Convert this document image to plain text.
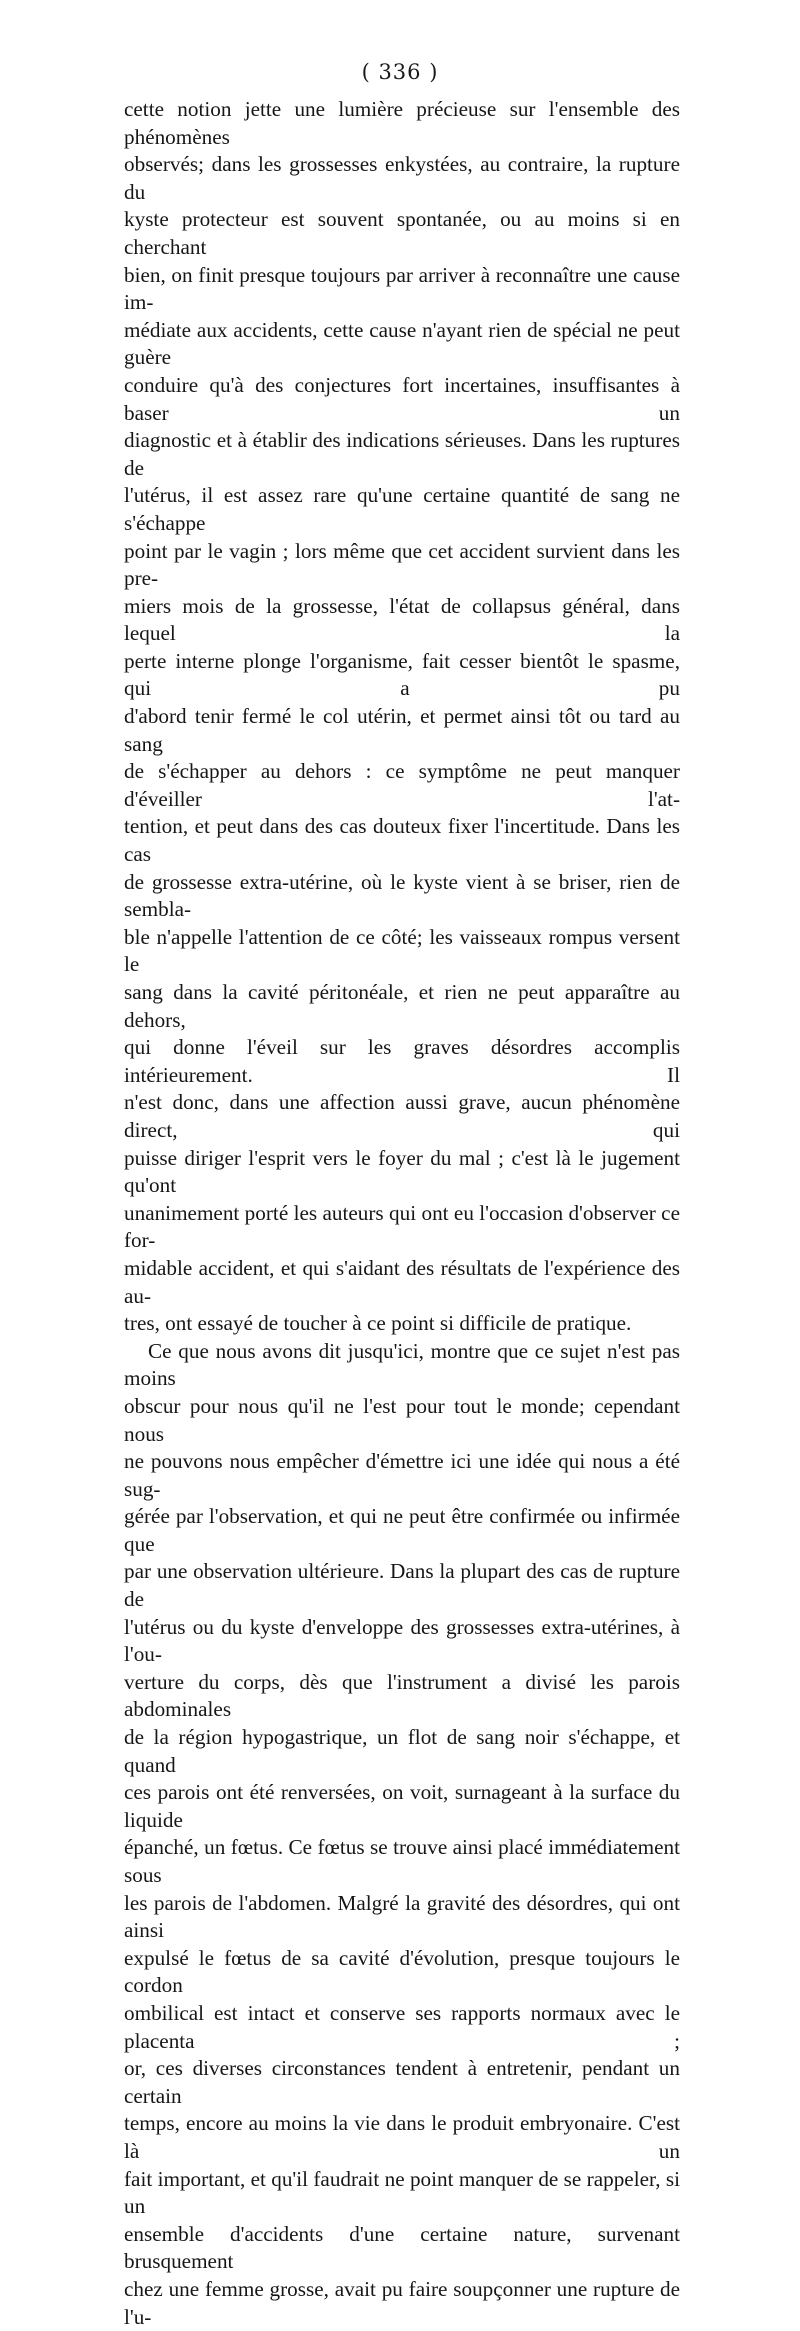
( 336 )

cette notion jette une lumière précieuse sur l'ensemble des phénomènes

observés; dans les grossesses enkystées, au contraire, la rupture du

kyste protecteur est souvent spontanée, ou au moins si en cherchant

bien, on finit presque toujours par arriver à reconnaître une cause im-

médiate aux accidents, cette cause n'ayant rien de spécial ne peut guère

conduire qu'à des conjectures fort incertaines, insuffisantes à baser un

diagnostic et à établir des indications sérieuses. Dans les ruptures de

l'utérus, il est assez rare qu'une certaine quantité de sang ne s'échappe

point par le vagin ; lors même que cet accident survient dans les pre-

miers mois de la grossesse, l'état de collapsus général, dans lequel la

perte interne plonge l'organisme, fait cesser bientôt le spasme, qui a pu

d'abord tenir fermé le col utérin, et permet ainsi tôt ou tard au sang

de s'échapper au dehors : ce symptôme ne peut manquer d'éveiller l'at-

tention, et peut dans des cas douteux fixer l'incertitude. Dans les cas

de grossesse extra-utérine, où le kyste vient à se briser, rien de sembla-

ble n'appelle l'attention de ce côté; les vaisseaux rompus versent le

sang dans la cavité péritonéale, et rien ne peut apparaître au dehors,

qui donne l'éveil sur les graves désordres accomplis intérieurement. Il

n'est donc, dans une affection aussi grave, aucun phénomène direct, qui

puisse diriger l'esprit vers le foyer du mal ; c'est là le jugement qu'ont

unanimement porté les auteurs qui ont eu l'occasion d'observer ce for-

midable accident, et qui s'aidant des résultats de l'expérience des au-

tres, ont essayé de toucher à ce point si difficile de pratique.

Ce que nous avons dit jusqu'ici, montre que ce sujet n'est pas moins

obscur pour nous qu'il ne l'est pour tout le monde; cependant nous

ne pouvons nous empêcher d'émettre ici une idée qui nous a été sug-

gérée par l'observation, et qui ne peut être confirmée ou infirmée que

par une observation ultérieure. Dans la plupart des cas de rupture de

l'utérus ou du kyste d'enveloppe des grossesses extra-utérines, à l'ou-

verture du corps, dès que l'instrument a divisé les parois abdominales

de la région hypogastrique, un flot de sang noir s'échappe, et quand

ces parois ont été renversées, on voit, surnageant à la surface du liquide

épanché, un fœtus. Ce fœtus se trouve ainsi placé immédiatement sous

les parois de l'abdomen. Malgré la gravité des désordres, qui ont ainsi

expulsé le fœtus de sa cavité d'évolution, presque toujours le cordon

ombilical est intact et conserve ses rapports normaux avec le placenta ;

or, ces diverses circonstances tendent à entretenir, pendant un certain

temps, encore au moins la vie dans le produit embryonaire. C'est là un

fait important, et qu'il faudrait ne point manquer de se rappeler, si un

ensemble d'accidents d'une certaine nature, survenant brusquement

chez une femme grosse, avait pu faire soupçonner une rupture de l'u-
